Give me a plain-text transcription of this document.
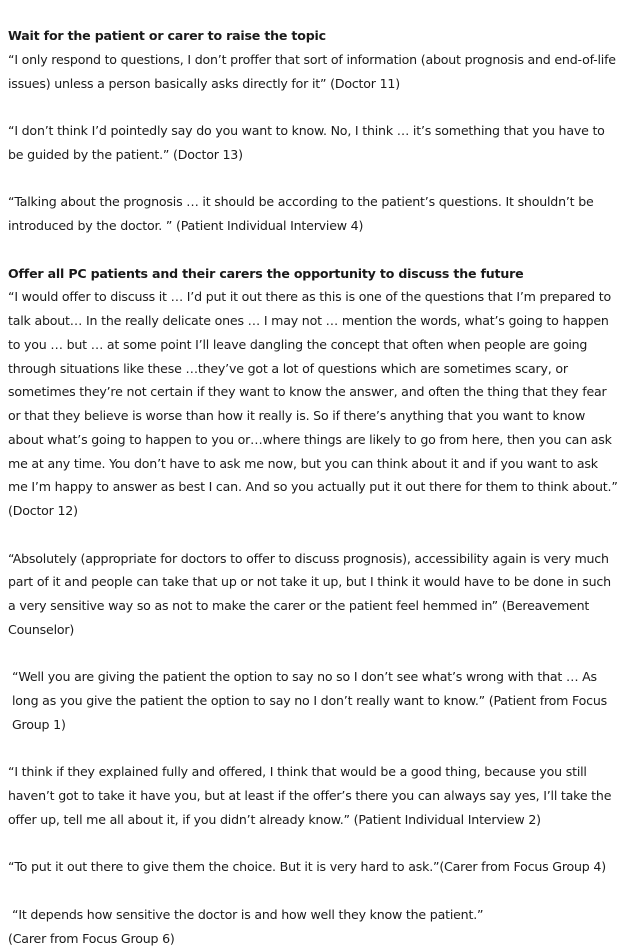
Wait for the patient or carer to raise the topic

“I only respond to questions, I don’t proffer that sort of information (about prognosis and end-of-life issues) unless a person basically asks directly for it” (Doctor 11)

“I don’t think I’d pointedly say do you want to know. No, I think … it’s something that you have to be guided by the patient.” (Doctor 13)

“Talking about the prognosis … it should be according to the patient’s questions. It shouldn’t be introduced by the doctor. ” (Patient Individual Interview 4)

Offer all PC patients and their carers the opportunity to discuss the future

“I would offer to discuss it … I’d put it out there as this is one of the questions that I’m prepared to talk about… In the really delicate ones … I may not … mention the words, what’s going to happen to you … but … at some point I’ll leave dangling the concept that often when people are going through situations like these …they’ve got a lot of questions which are sometimes scary, or sometimes they’re not certain if they want to know the answer, and often the thing that they fear or that they believe is worse than how it really is. So if there’s anything that you want to know about what’s going to happen to you or…where things are likely to go from here, then you can ask me at any time. You don’t have to ask me now, but you can think about it and if you want to ask me I’m happy to answer as best I can. And so you actually put it out there for them to think about.” (Doctor 12)

“Absolutely (appropriate for doctors to offer to discuss prognosis), accessibility again is very much part of it and people can take that up or not take it up, but I think it would have to be done in such a very sensitive way so as not to make the carer or the patient feel hemmed in” (Bereavement Counselor)

“Well you are giving the patient the option to say no so I don’t see what’s wrong with that … As long as you give the patient the option to say no I don’t really want to know.” (Patient from Focus Group 1)

“I think if they explained fully and offered, I think that would be a good thing, because you still haven’t got to take it have you, but at least if the offer’s there you can always say yes, I’ll take the offer up, tell me all about it, if you didn’t already know.” (Patient Individual Interview 2)

“To put it out there to give them the choice. But it is very hard to ask.”(Carer from Focus Group 4)

“It depends how sensitive the doctor is and how well they know the patient.”

(Carer from Focus Group 6)
